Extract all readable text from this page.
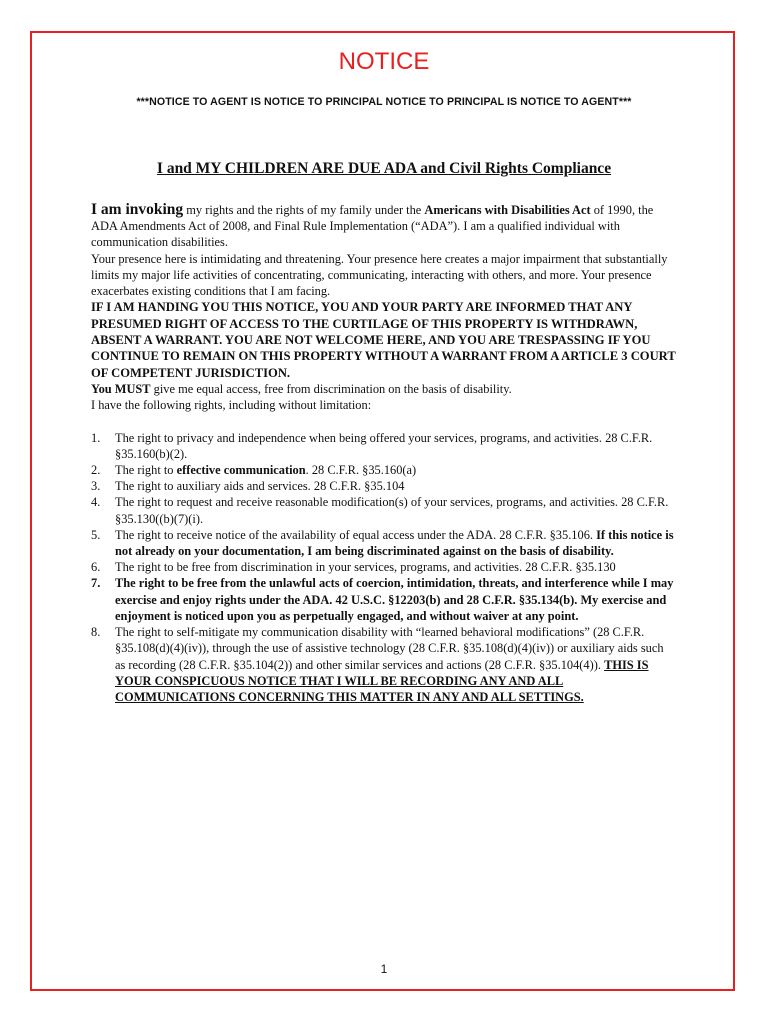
NOTICE
***NOTICE TO AGENT IS NOTICE TO PRINCIPAL NOTICE TO PRINCIPAL IS NOTICE TO AGENT***
I and MY CHILDREN ARE DUE ADA and Civil Rights Compliance

I am invoking my rights and the rights of my family under the Americans with Disabilities Act of 1990, the ADA Amendments Act of 2008, and Final Rule Implementation (“ADA”). I am a qualified individual with communication disabilities.

Your presence here is intimidating and threatening. Your presence here creates a major impairment that substantially limits my major life activities of concentrating, communicating, interacting with others, and more. Your presence exacerbates existing conditions that I am facing.

IF I AM HANDING YOU THIS NOTICE, YOU AND YOUR PARTY ARE INFORMED THAT ANY PRESUMED RIGHT OF ACCESS TO THE CURTILAGE OF THIS PROPERTY IS WITHDRAWN, ABSENT A WARRANT. YOU ARE NOT WELCOME HERE, AND YOU ARE TRESPASSING IF YOU CONTINUE TO REMAIN ON THIS PROPERTY WITHOUT A WARRANT FROM A ARTICLE 3 COURT OF COMPETENT JURISDICTION.

You MUST give me equal access, free from discrimination on the basis of disability.

I have the following rights, including without limitation:

1. The right to privacy and independence when being offered your services, programs, and activities. 28 C.F.R. §35.160(b)(2).
2. The right to effective communication. 28 C.F.R. §35.160(a)
3. The right to auxiliary aids and services. 28 C.F.R. §35.104
4. The right to request and receive reasonable modification(s) of your services, programs, and activities. 28 C.F.R. §35.130((b)(7)(i).
5. The right to receive notice of the availability of equal access under the ADA. 28 C.F.R. §35.106. If this notice is not already on your documentation, I am being discriminated against on the basis of disability.
6. The right to be free from discrimination in your services, programs, and activities. 28 C.F.R. §35.130
7. The right to be free from the unlawful acts of coercion, intimidation, threats, and interference while I may exercise and enjoy rights under the ADA. 42 U.S.C. §12203(b) and 28 C.F.R. §35.134(b). My exercise and enjoyment is noticed upon you as perpetually engaged, and without waiver at any point.
8. The right to self-mitigate my communication disability with “learned behavioral modifications” (28 C.F.R. §35.108(d)(4)(iv)), through the use of assistive technology (28 C.F.R. §35.108(d)(4)(iv)) or auxiliary aids such as recording (28 C.F.R. §35.104(2)) and other similar services and actions (28 C.F.R. §35.104(4)). THIS IS YOUR CONSPICUOUS NOTICE THAT I WILL BE RECORDING ANY AND ALL COMMUNICATIONS CONCERNING THIS MATTER IN ANY AND ALL SETTINGS.
1
